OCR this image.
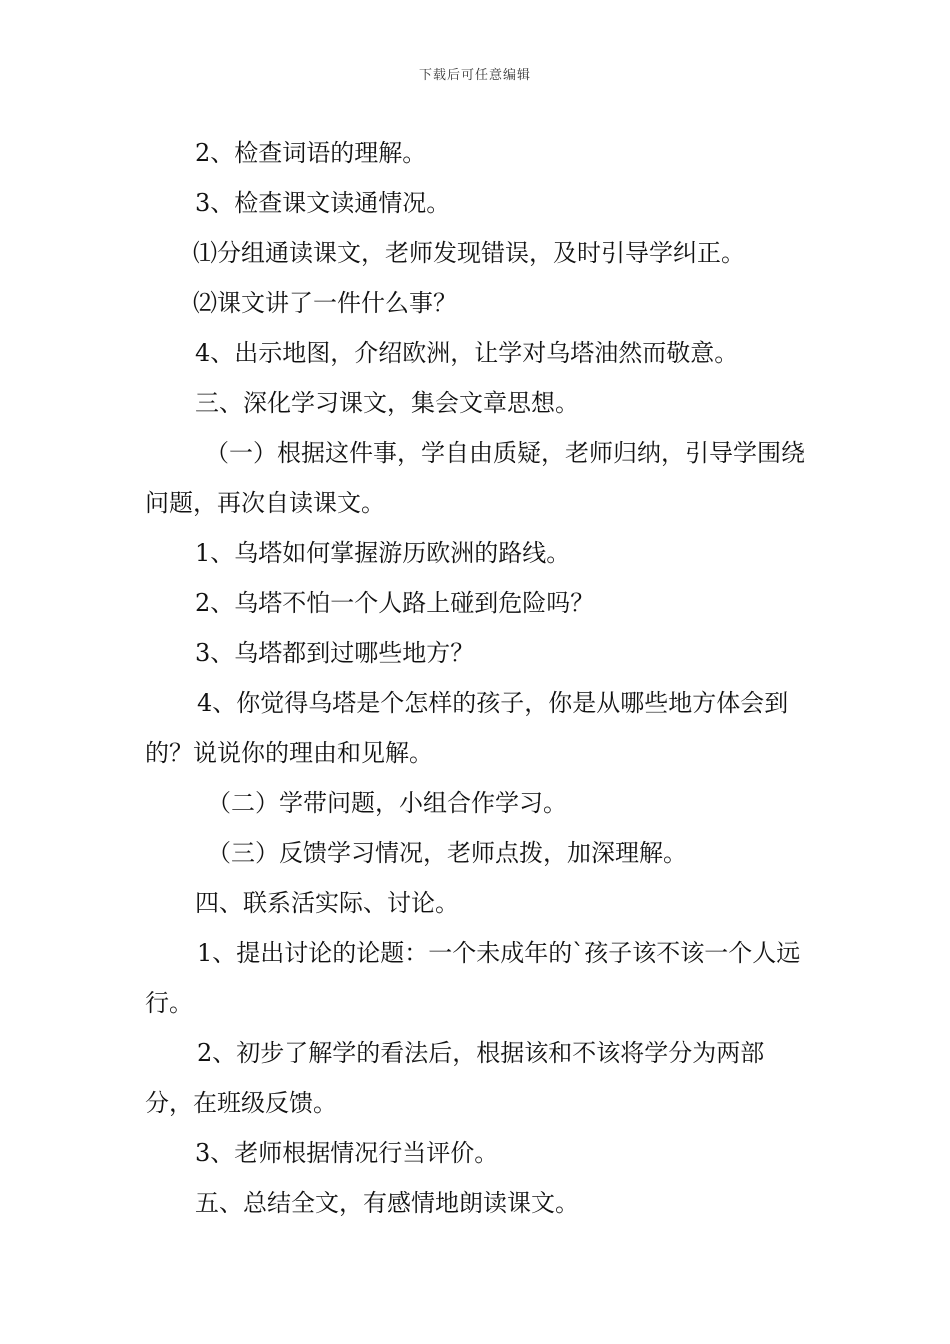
下载后可任意编辑

2、检查词语的理解。

3、检查课文读通情况。

⑴分组通读课文，老师发现错误，及时引导学纠正。

⑵课文讲了一件什么事？

4、出示地图，介绍欧洲，让学对乌塔油然而敬意。

三、深化学习课文，集会文章思想。

（一）根据这件事，学自由质疑，老师归纳，引导学围绕问题，再次自读课文。

1、乌塔如何掌握游历欧洲的路线。

2、乌塔不怕一个人路上碰到危险吗？

3、乌塔都到过哪些地方？

4、你觉得乌塔是个怎样的孩子，你是从哪些地方体会到的？说说你的理由和见解。

（二）学带问题，小组合作学习。

（三）反馈学习情况，老师点拨，加深理解。

四、联系活实际、讨论。

1、提出讨论的论题：一个未成年的`孩子该不该一个人远行。

2、初步了解学的看法后，根据该和不该将学分为两部分，在班级反馈。

3、老师根据情况行当评价。

五、总结全文，有感情地朗读课文。
